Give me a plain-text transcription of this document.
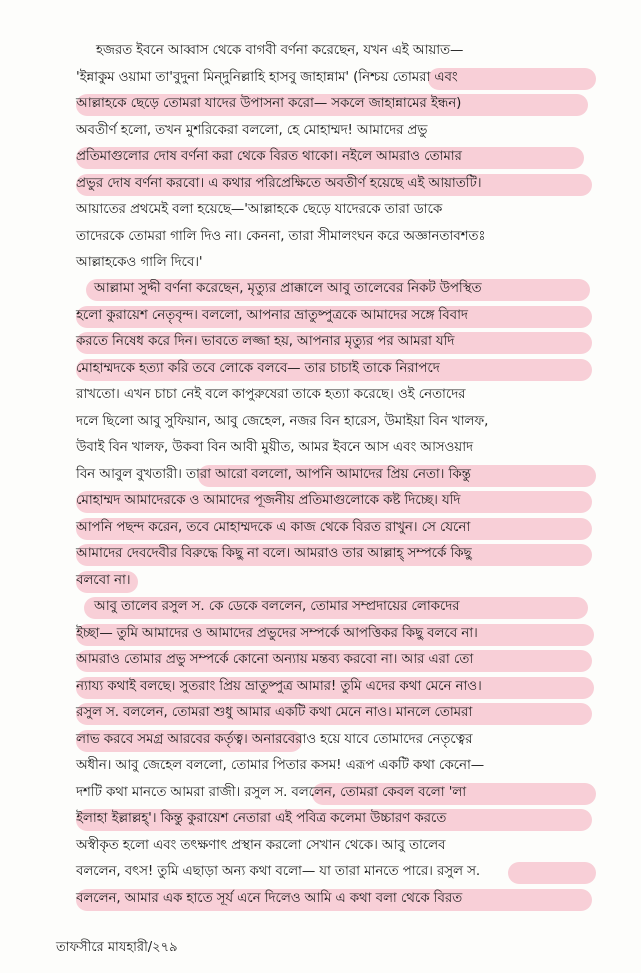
হজরত ইবনে আব্বাস থেকে বাগবী বর্ণনা করেছেন, যখন এই আয়াত—
'ইন্নাকুম ওয়ামা তা'বুদুনা মিন্‌দুনিল্লাহি হাসবু জাহান্নাম' (নিশ্চয় তোমরা এবং
আল্লাহকে ছেড়ে তোমরা যাদের উপাসনা করো— সকলে জাহান্নামের ইন্ধন)
অবতীর্ণ হলো, তখন মুশরিকেরা বললো, হে মোহাম্মদ! আমাদের প্রভু
প্রতিমাগুলোর দোষ বর্ণনা করা থেকে বিরত থাকো। নইলে আমরাও তোমার
প্রভুর দোষ বর্ণনা করবো। এ কথার পরিপ্রেক্ষিতে অবতীর্ণ হয়েছে এই আয়াতটি।
আয়াতের প্রথমেই বলা হয়েছে—'আল্লাহকে ছেড়ে যাদেরকে তারা ডাকে
তাদেরকে তোমরা গালি দিও না। কেননা, তারা সীমালংঘন করে অজ্ঞানতাবশতঃ
আল্লাহকেও গালি দিবে।'
আল্লামা সুদ্দী বর্ণনা করেছেন, মৃত্যুর প্রাক্কালে আবু তালেবের নিকট উপস্থিত
হলো কুরায়েশ নেতৃবৃন্দ। বললো, আপনার ভ্রাতুষ্পুত্রকে আমাদের সঙ্গে বিবাদ
করতে নিষেধ করে দিন। ভাবতে লজ্জা হয়, আপনার মৃত্যুর পর আমরা যদি
মোহাম্মদকে হত্যা করি তবে লোকে বলবে— তার চাচাই তাকে নিরাপদে
রাখতো। এখন চাচা নেই বলে কাপুরুষেরা তাকে হত্যা করেছে। ওই নেতাদের
দলে ছিলো আবু সুফিয়ান, আবু জেহেল, নজর বিন হারেস, উমাইয়া বিন খালফ,
উবাই বিন খালফ, উকবা বিন আবী মুয়ীত, আমর ইবনে আস এবং আসওয়াদ
বিন আবুল বুখতারী। তারা আরো বললো, আপনি আমাদের প্রিয় নেতা। কিন্তু
মোহাম্মদ আমাদেরকে ও আমাদের পূজনীয় প্রতিমাগুলোকে কষ্ট দিচ্ছে। যদি
আপনি পছন্দ করেন, তবে মোহাম্মদকে এ কাজ থেকে বিরত রাখুন। সে যেনো
আমাদের দেবদেবীর বিরুদ্ধে কিছু না বলে। আমরাও তার আল্লাহ্ সম্পর্কে কিছু
বলবো না।
আবু তালেব রসুল স. কে ডেকে বললেন, তোমার সম্প্রদায়ের লোকদের
ইচ্ছা— তুমি আমাদের ও আমাদের প্রভুদের সম্পর্কে আপত্তিকর কিছু বলবে না।
আমরাও তোমার প্রভু সম্পর্কে কোনো অন্যায় মন্তব্য করবো না। আর এরা তো
ন্যায্য কথাই বলছে। সুতরাং প্রিয় ভ্রাতুষ্পুত্র আমার! তুমি এদের কথা মেনে নাও।
রসুল স. বললেন, তোমরা শুধু আমার একটি কথা মেনে নাও। মানলে তোমরা
লাভ করবে সমগ্র আরবের কর্তৃত্ব। অনারবেরাও হয়ে যাবে তোমাদের নেতৃত্বের
অধীন। আবু জেহেল বললো, তোমার পিতার কসম! এরূপ একটি কথা কেনো—
দশটি কথা মানতে আমরা রাজী। রসুল স. বললেন, তোমরা কেবল বলো 'লা
ইলাহা ইল্লাল্লহ্'। কিন্তু কুরায়েশ নেতারা এই পবিত্র কলেমা উচ্চারণ করতে
অস্বীকৃত হলো এবং তৎক্ষণাৎ প্রস্থান করলো সেখান থেকে। আবু তালেব
বললেন, বৎস! তুমি এছাড়া অন্য কথা বলো— যা তারা মানতে পারে। রসুল স.
বললেন, আমার এক হাতে সূর্য এনে দিলেও আমি এ কথা বলা থেকে বিরত
তাফসীরে মাযহারী/২৭৯
